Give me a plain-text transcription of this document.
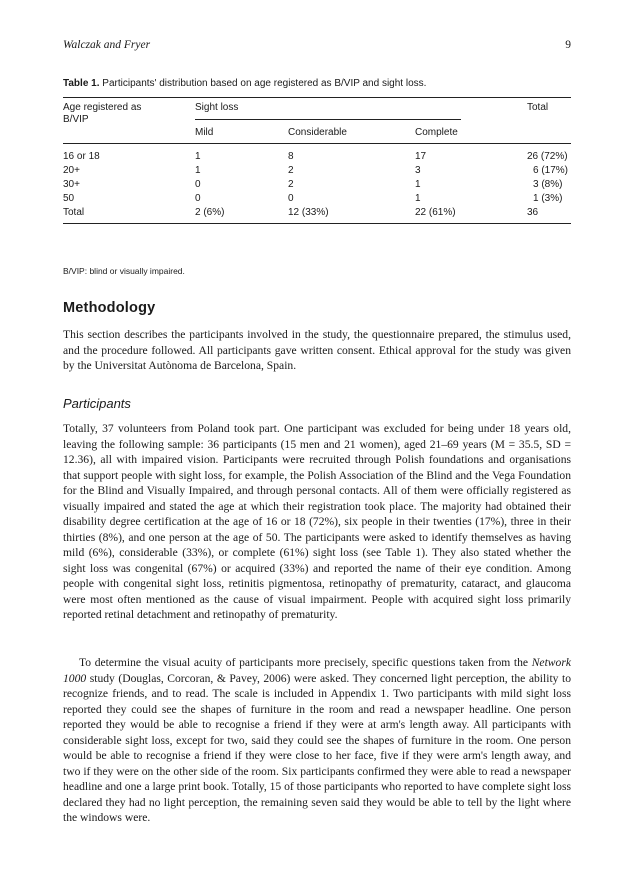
Walczak and Fryer	9
Table 1. Participants' distribution based on age registered as B/VIP and sight loss.
Age registered as B/VIP
Sight loss	Total
Mild	Considerable	Complete
16 or 18	1	8	17	26 (72%)
20+	1	2	3	6 (17%)
30+	0	2	1	3 (8%)
50	0	0	1	1 (3%)
Total	2 (6%)	12 (33%)	22 (61%)	36
B/VIP: blind or visually impaired.
Methodology

This section describes the participants involved in the study, the questionnaire prepared, the stimulus used, and the procedure followed. All participants gave written consent. Ethical approval for the study was given by the Universitat Autònoma de Barcelona, Spain.

Participants

Totally, 37 volunteers from Poland took part. One participant was excluded for being under 18 years old, leaving the following sample: 36 participants (15 men and 21 women), aged 21–69 years (M = 35.5, SD = 12.36), all with impaired vision. Participants were recruited through Polish foundations and organisations that support people with sight loss, for example, the Polish Association of the Blind and the Vega Foundation for the Blind and Visually Impaired, and through personal contacts. All of them were officially registered as visually impaired and stated the age at which their registration took place. The majority had obtained their disability degree certification at the age of 16 or 18 (72%), six people in their twenties (17%), three in their thirties (8%), and one person at the age of 50. The participants were asked to identify themselves as having mild (6%), considerable (33%), or complete (61%) sight loss (see Table 1). They also stated whether the sight loss was congenital (67%) or acquired (33%) and reported the name of their eye condition. Among people with congenital sight loss, retinitis pigmentosa, retinopathy of prematurity, cataract, and glaucoma were most often mentioned as the cause of visual impairment. People with acquired sight loss primarily reported retinal detachment and retinopathy of prematurity.

To determine the visual acuity of participants more precisely, specific questions taken from the Network 1000 study (Douglas, Corcoran, & Pavey, 2006) were asked. They concerned light perception, the ability to recognize friends, and to read. The scale is included in Appendix 1. Two participants with mild sight loss reported they could see the shapes of furniture in the room and read a newspaper headline. One person reported they would be able to recognise a friend if they were at arm's length away. All participants with considerable sight loss, except for two, said they could see the shapes of furniture in the room. One person would be able to recognise a friend if they were close to her face, five if they were arm's length away, and two if they were on the other side of the room. Six participants confirmed they were able to read a newspaper headline and one a large print book. Totally, 15 of those participants who reported to have complete sight loss declared they had no light perception, the remaining seven said they would be able to tell by the light where the windows were.
